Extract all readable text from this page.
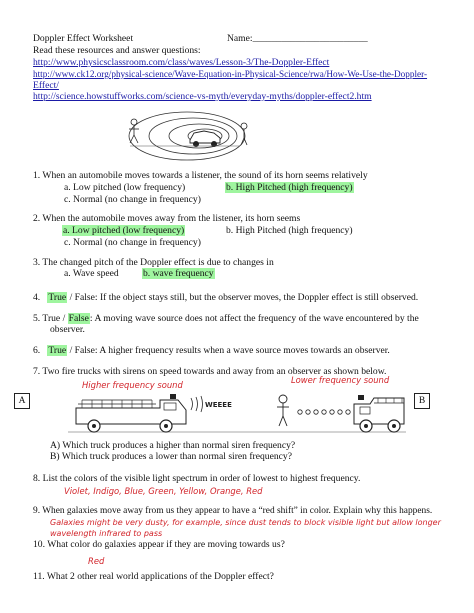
Doppler Effect Worksheet	Name:________________________
Read these resources and answer questions:
http://www.physicsclassroom.com/class/waves/Lesson-3/The-Doppler-Effect
http://www.ck12.org/physical-science/Wave-Equation-in-Physical-Science/rwa/How-We-Use-the-Doppler-
Effect/
http://science.howstuffworks.com/science-vs-myth/everyday-myths/doppler-effect2.htm
1. When an automobile moves towards a listener, the sound of its horn seems relatively
a. Low pitched (low frequency)	b. High Pitched (high frequency)
c. Normal (no change in frequency)
2. When the automobile moves away from the listener, its horn seems
a. Low pitched (low frequency)	b. High Pitched (high frequency)
c. Normal (no change in frequency)
3. The changed pitch of the Doppler effect is due to changes in
a. Wave speed	b. wave frequency
4. True / False: If the object stays still, but the observer moves, the Doppler effect is still observed.
5. True / False: A moving wave source does not affect the frequency of the wave encountered by the
observer.
6. True / False: A higher frequency results when a wave source moves towards an observer.
7. Two fire trucks with sirens on speed towards and away from an observer as shown below.
Higher frequency sound	Lower frequency sound
A	B
WEEEE
A) Which truck produces a higher than normal siren frequency?
B) Which truck produces a lower than normal siren frequency?
8. List the colors of the visible light spectrum in order of lowest to highest frequency.
Violet, Indigo, Blue, Green, Yellow, Orange, Red
9. When galaxies move away from us they appear to have a “red shift” in color. Explain why this happens.
Galaxies might be very dusty, for example, since dust tends to block visible light but allow longer
wavelength infrared to pass
10. What color do galaxies appear if they are moving towards us?
Red
11. What 2 other real world applications of the Doppler effect?
